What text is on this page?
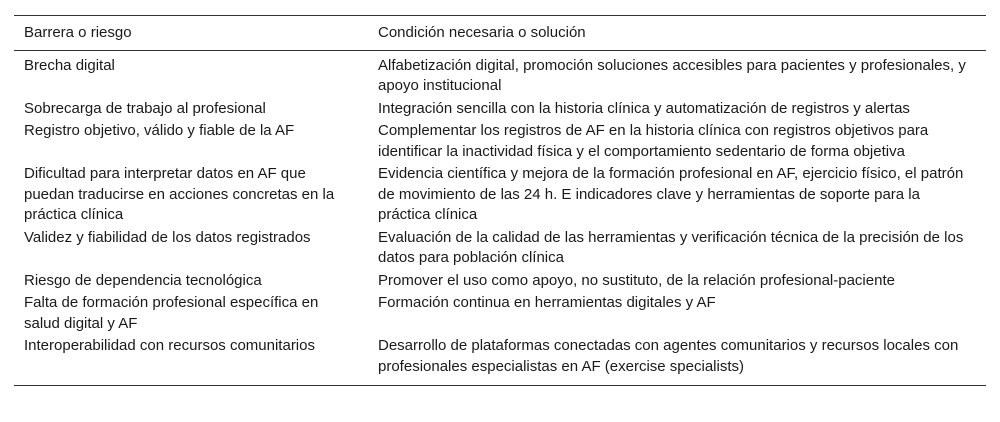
Barrera o riesgo	Condición necesaria o solución
Brecha digital	Alfabetización digital, promoción soluciones accesibles para pacientes y profesionales, y apoyo institucional
Sobrecarga de trabajo al profesional	Integración sencilla con la historia clínica y automatización de registros y alertas
Registro objetivo, válido y fiable de la AF	Complementar los registros de AF en la historia clínica con registros objetivos para identificar la inactividad física y el comportamiento sedentario de forma objetiva
Dificultad para interpretar datos en AF que puedan traducirse en acciones concretas en la práctica clínica	Evidencia científica y mejora de la formación profesional en AF, ejercicio físico, el patrón de movimiento de las 24 h. E indicadores clave y herramientas de soporte para la práctica clínica
Validez y fiabilidad de los datos registrados	Evaluación de la calidad de las herramientas y verificación técnica de la precisión de los datos para población clínica
Riesgo de dependencia tecnológica	Promover el uso como apoyo, no sustituto, de la relación profesional-paciente
Falta de formación profesional específica en salud digital y AF	Formación continua en herramientas digitales y AF
Interoperabilidad con recursos comunitarios	Desarrollo de plataformas conectadas con agentes comunitarios y recursos locales con profesionales especialistas en AF (exercise specialists)
